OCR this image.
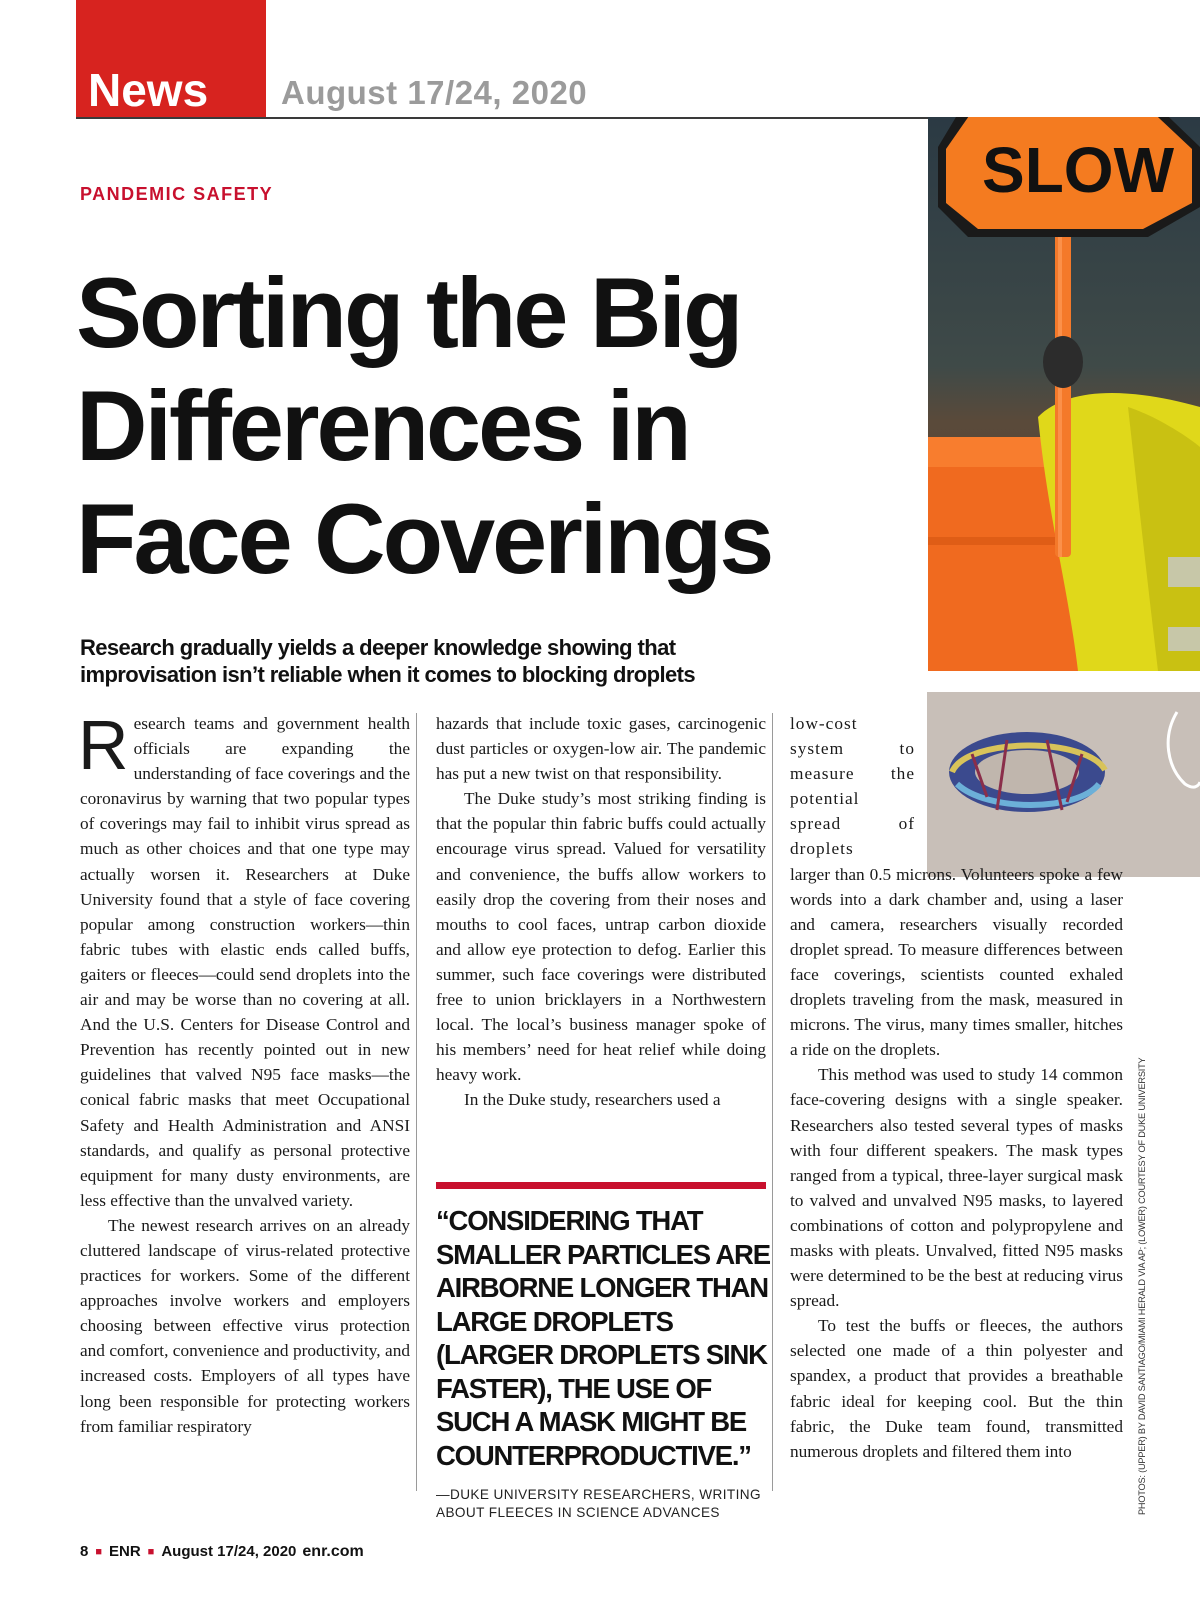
News August 17/24, 2020
SLOW
PANDEMIC SAFETY
Sorting the Big
Differences in
Face Coverings
Research gradually yields a deeper knowledge showing that
improvisation isn’t reliable when it comes to blocking droplets

Research teams and government health officials are expanding the understanding of face coverings and the coronavirus by warning that two popular types of coverings may fail to inhibit virus spread as much as other choices and that one type may actually worsen it. Researchers at Duke University found that a style of face covering popular among construction workers—thin fabric tubes with elastic ends called buffs, gaiters or fleeces—could send droplets into the air and may be worse than no covering at all. And the U.S. Centers for Disease Control and Prevention has recently pointed out in new guidelines that valved N95 face masks—the conical fabric masks that meet Occupational Safety and Health Administration and ANSI standards, and qualify as personal protective equipment for many dusty environments, are less effective than the unvalved variety.

The newest research arrives on an already cluttered landscape of virus-related protective practices for workers. Some of the different approaches involve workers and employers choosing between effective virus protection and comfort, convenience and productivity, and increased costs. Employers of all types have long been responsible for protecting workers from familiar respiratory

hazards that include toxic gases, carcinogenic dust particles or oxygen-low air. The pandemic has put a new twist on that responsibility.

The Duke study’s most striking finding is that the popular thin fabric buffs could actually encourage virus spread. Valued for versatility and convenience, the buffs allow workers to easily drop the covering from their noses and mouths to cool faces, untrap carbon dioxide and allow eye protection to defog. Earlier this summer, such face coverings were distributed free to union bricklayers in a Northwestern local. The local’s business manager spoke of his members’ need for heat relief while doing heavy work.

In the Duke study, researchers used a

“CONSIDERING THAT SMALLER PARTICLES ARE AIRBORNE LONGER THAN LARGE DROPLETS (LARGER DROPLETS SINK FASTER), THE USE OF SUCH A MASK MIGHT BE COUNTERPRODUCTIVE.”
—DUKE UNIVERSITY RESEARCHERS, WRITING ABOUT FLEECES IN SCIENCE ADVANCES

low-cost system to measure the potential spread of droplets
larger than 0.5 microns. Volunteers spoke a few words into a dark chamber and, using a laser and camera, researchers visually recorded droplet spread. To measure differences between face coverings, scientists counted exhaled droplets traveling from the mask, measured in microns. The virus, many times smaller, hitches a ride on the droplets.

This method was used to study 14 common face-covering designs with a single speaker. Researchers also tested several types of masks with four different speakers. The mask types ranged from a typical, three-layer surgical mask to valved and unvalved N95 masks, to layered combinations of cotton and polypropylene and masks with pleats. Unvalved, fitted N95 masks were determined to be the best at reducing virus spread.

To test the buffs or fleeces, the authors selected one made of a thin polyester and spandex, a product that provides a breathable fabric ideal for keeping cool. But the thin fabric, the Duke team found, transmitted numerous droplets and filtered them into	PHOTOS: (UPPER) BY DAVID SANTIAGO/MIAMI HERALD VIA AP; (LOWER) COURTESY OF DUKE UNIVERSITY
8 ■ ENR ■ August 17/24, 2020 enr.com
